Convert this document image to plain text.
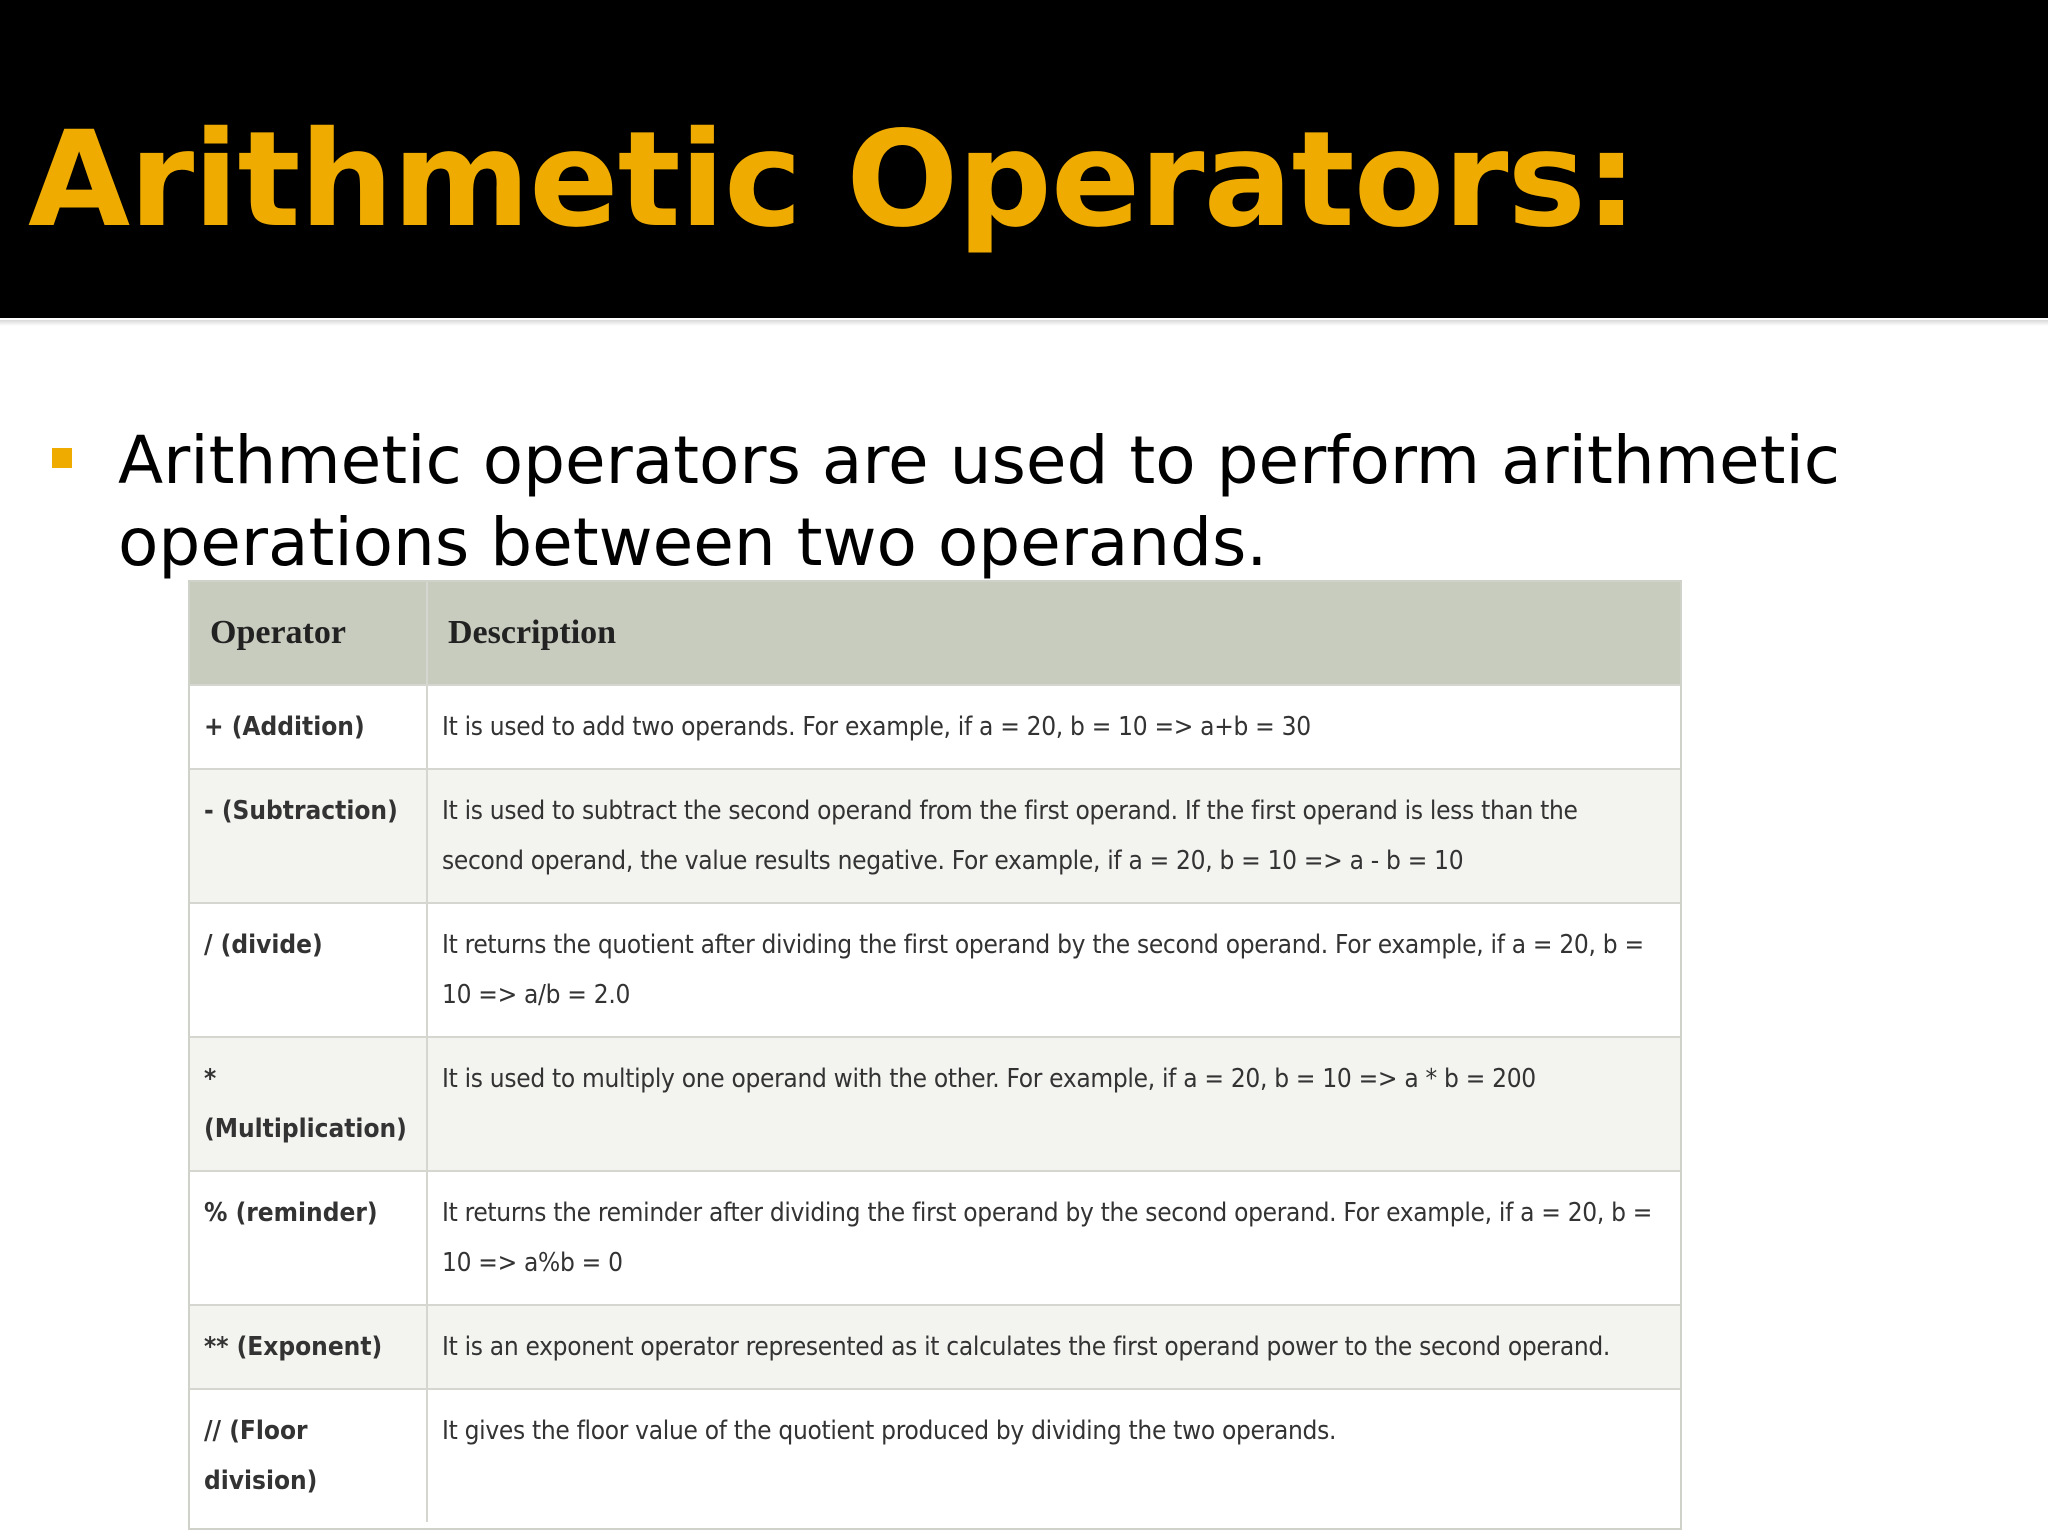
Arithmetic Operators:

Arithmetic operators are used to perform arithmetic operations between two operands.

Operator	Description
+ (Addition)	It is used to add two operands. For example, if a = 20, b = 10 => a+b = 30
- (Subtraction)	It is used to subtract the second operand from the first operand. If the first operand is less than the second operand, the value results negative. For example, if a = 20, b = 10 => a - b = 10
/ (divide)	It returns the quotient after dividing the first operand by the second operand. For example, if a = 20, b = 10 => a/b = 2.0
* (Multiplication)	It is used to multiply one operand with the other. For example, if a = 20, b = 10 => a * b = 200
% (reminder)	It returns the reminder after dividing the first operand by the second operand. For example, if a = 20, b = 10 => a%b = 0
** (Exponent)	It is an exponent operator represented as it calculates the first operand power to the second operand.
// (Floor division)	It gives the floor value of the quotient produced by dividing the two operands.
